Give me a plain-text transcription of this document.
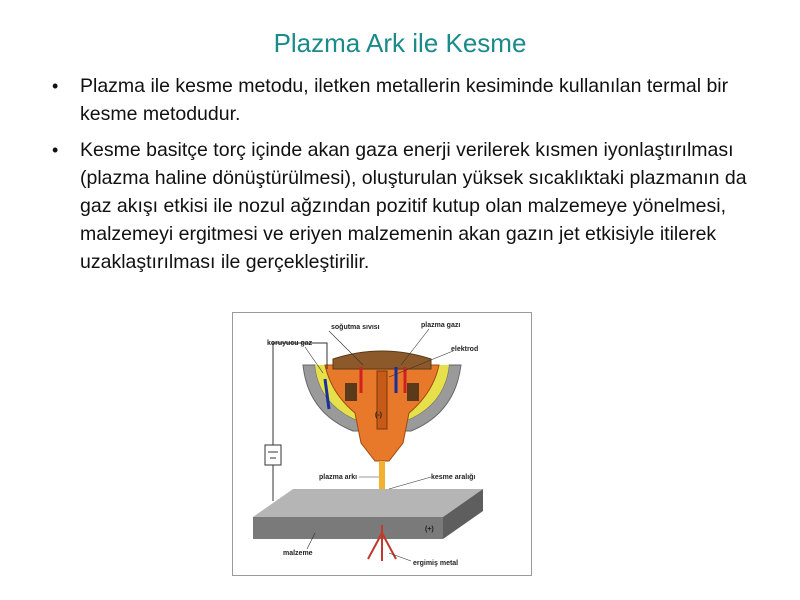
Plazma Ark ile Kesme
• Plazma ile kesme metodu, iletken metallerin kesiminde kullanılan termal bir kesme metodudur.
• Kesme basitçe torç içinde akan gaza enerji verilerek kısmen iyonlaştırılması (plazma haline dönüştürülmesi), oluşturulan yüksek sıcaklıktaki plazmanın da gaz akışı etkisi ile nozul ağzından pozitif kutup olan malzemeye yönelmesi, malzemeyi ergitmesi ve eriyen malzemenin akan gazın jet etkisiyle itilerek uzaklaştırılması ile gerçekleştirilir.
(-)
(+)
soğutma sıvısı	plazma gazı
koruyucu gaz
elektrod
plazma arkı	kesme aralığı
malzeme
ergimiş metal
